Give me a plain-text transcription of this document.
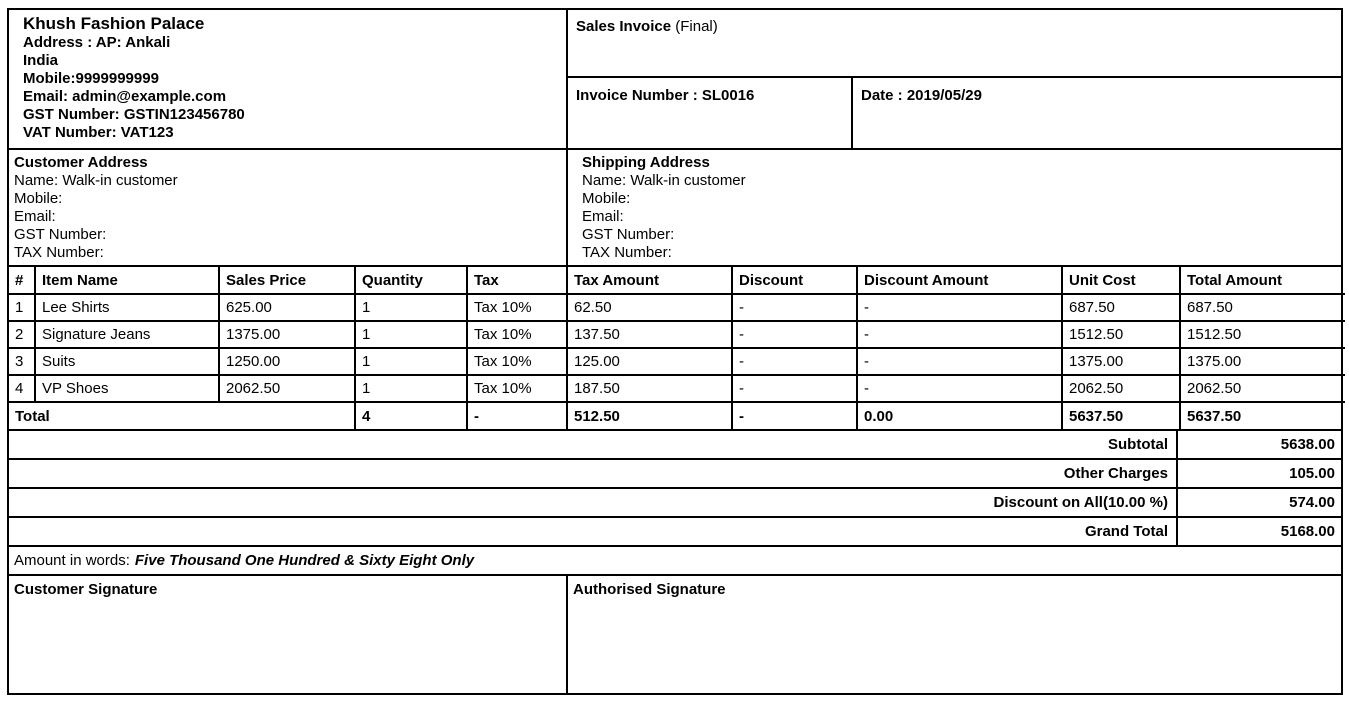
Khush Fashion Palace
Address : AP: Ankali
India
Mobile:9999999999
Email: admin@example.com
GST Number: GSTIN123456780
VAT Number: VAT123
Sales Invoice (Final)
Invoice Number : SL0016	Date : 2019/05/29
Customer Address
Name: Walk-in customer
Mobile:
Email:
GST Number:
TAX Number:
Shipping Address
Name: Walk-in customer
Mobile:
Email:
GST Number:
TAX Number:
#	Item Name	Sales Price	Quantity	Tax	Tax Amount	Discount	Discount Amount	Unit Cost	Total Amount
1	Lee Shirts	625.00	1	Tax 10%	62.50	-	-	687.50	687.50
2	Signature Jeans	1375.00	1	Tax 10%	137.50	-	-	1512.50	1512.50
3	Suits	1250.00	1	Tax 10%	125.00	-	-	1375.00	1375.00
4	VP Shoes	2062.50	1	Tax 10%	187.50	-	-	2062.50	2062.50
Total			4	-	512.50	-	0.00	5637.50	5637.50
Subtotal	5638.00
Other Charges	105.00
Discount on All(10.00 %)	574.00
Grand Total	5168.00
Amount in words: Five Thousand One Hundred & Sixty Eight Only
Customer Signature	Authorised Signature
